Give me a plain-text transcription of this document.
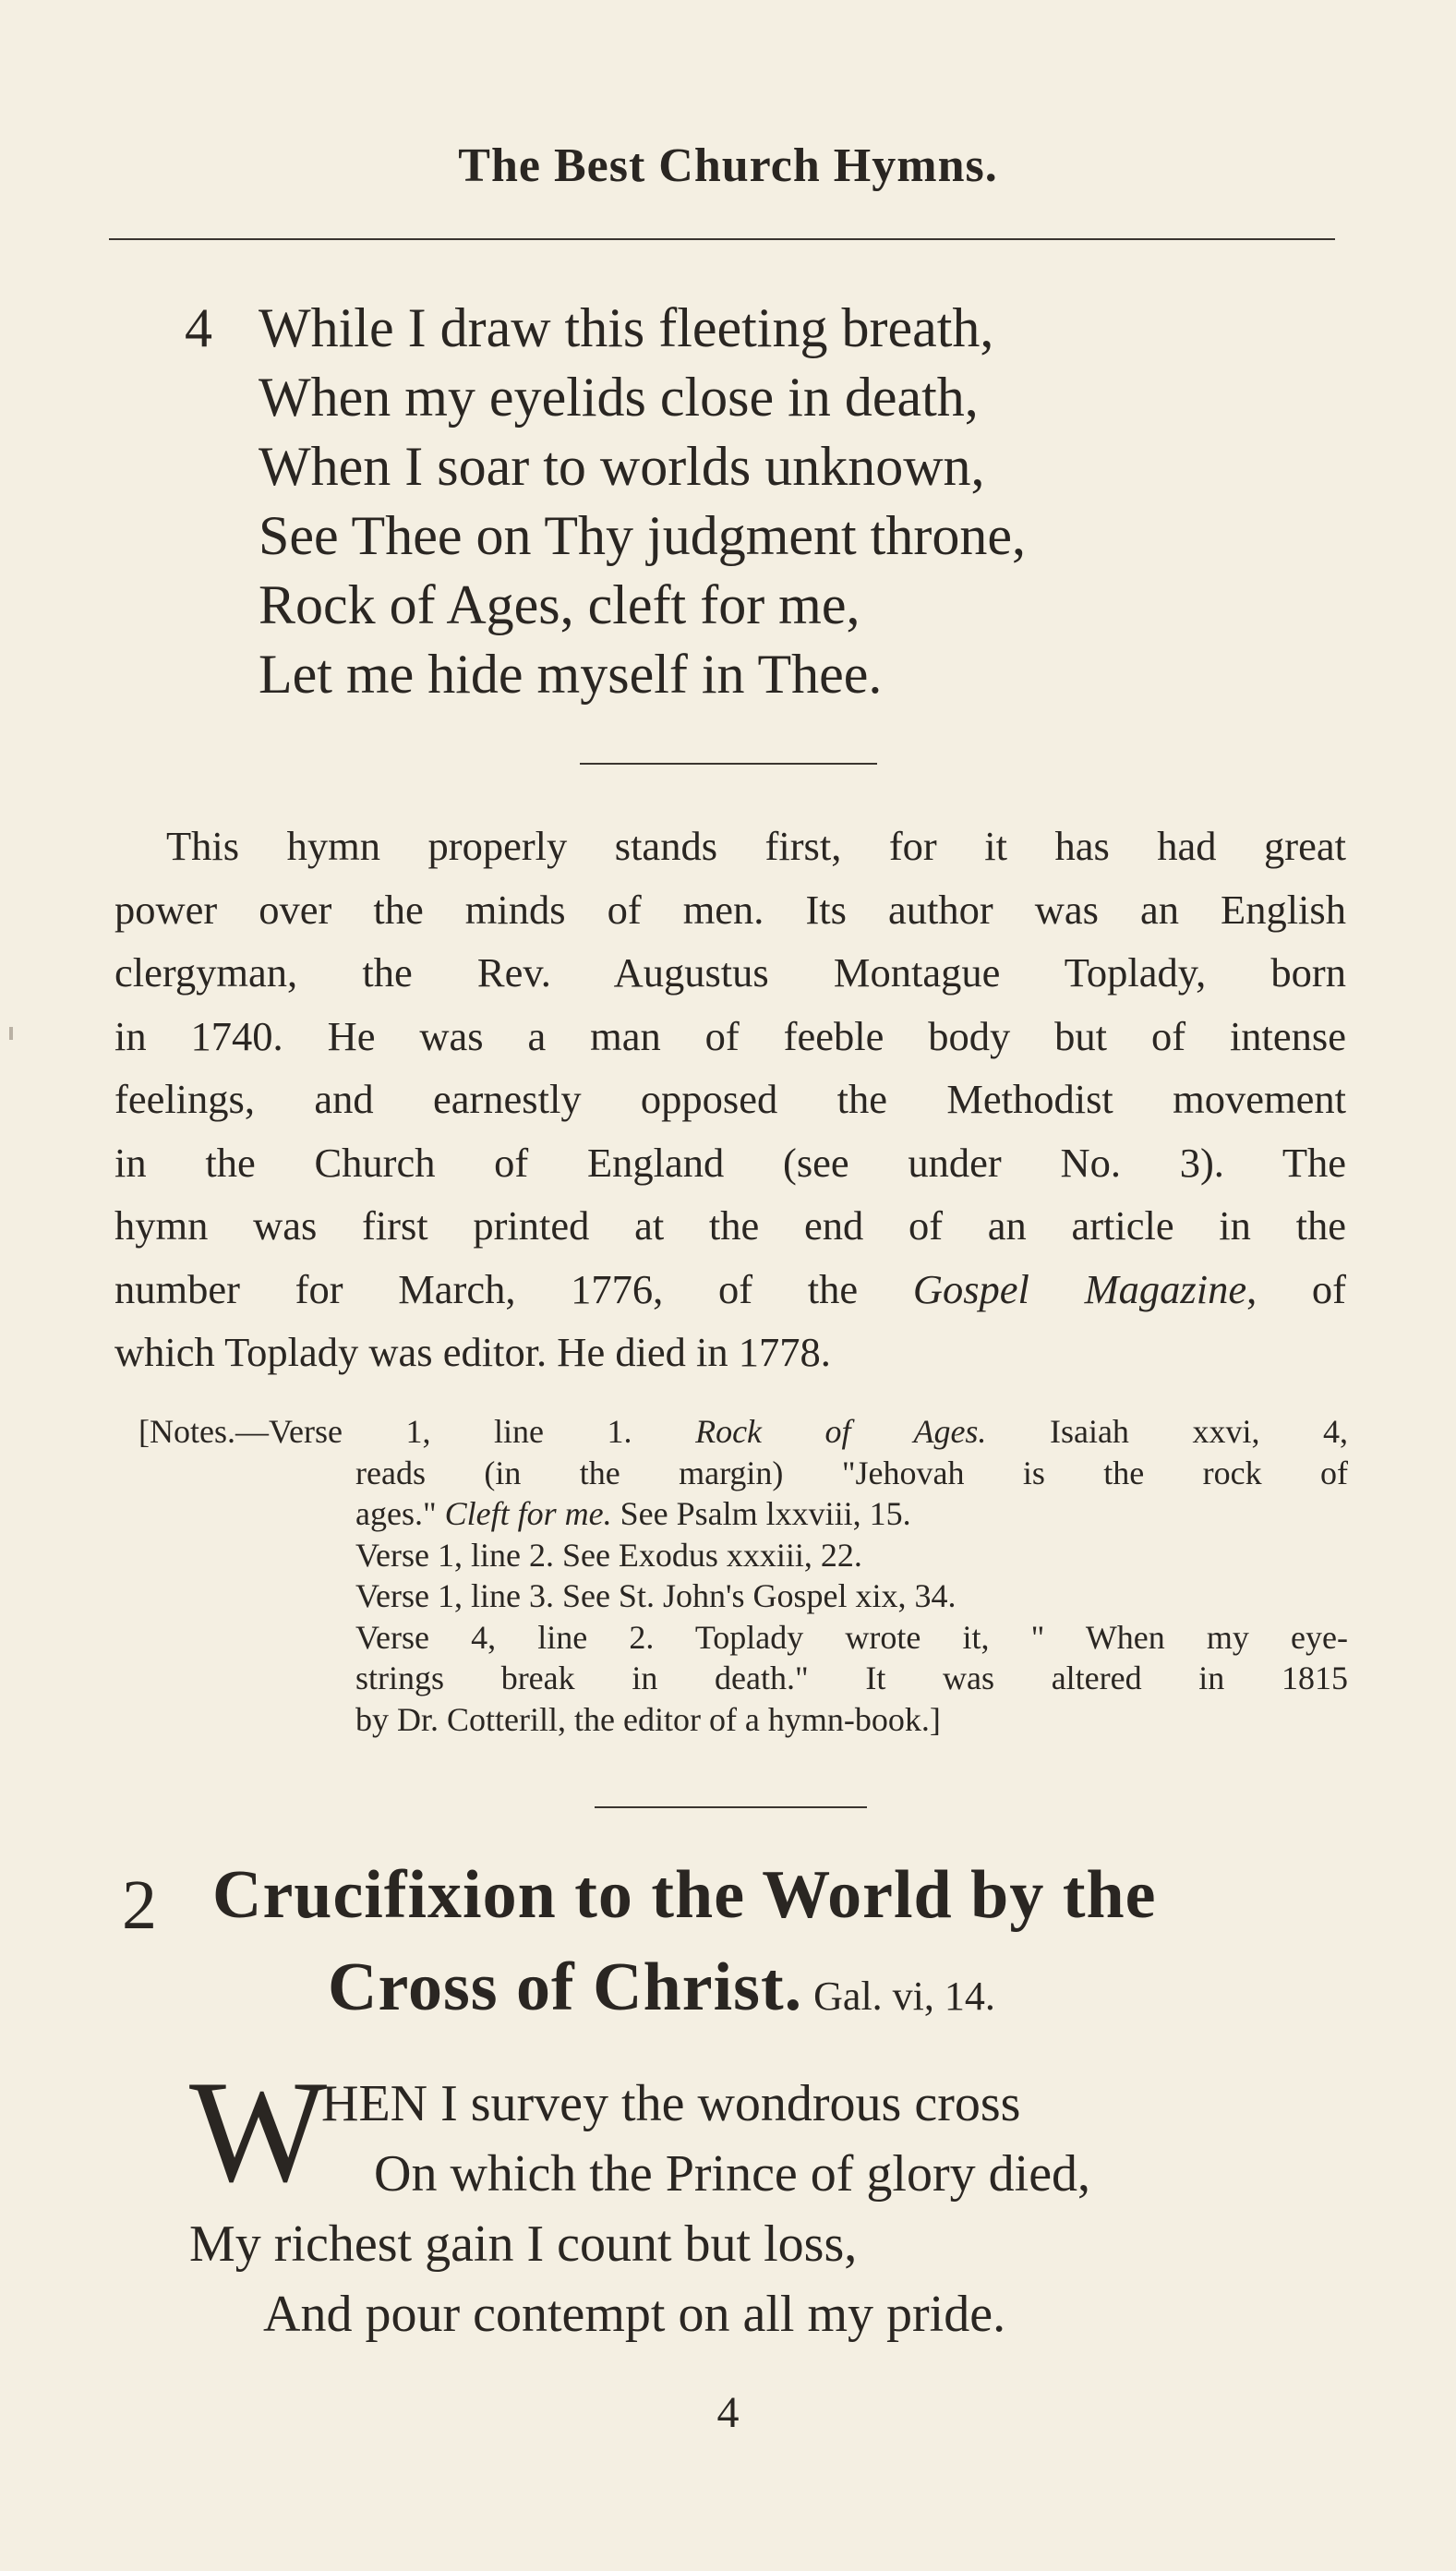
The Best Church Hymns.
4 While I draw this fleeting breath,
When my eyelids close in death,
When I soar to worlds unknown,
See Thee on Thy judgment throne,
Rock of Ages, cleft for me,
Let me hide myself in Thee.

This hymn properly stands first, for it has had great

power over the minds of men. Its author was an English

clergyman, the Rev. Augustus Montague Toplady, born

in 1740. He was a man of feeble body but of intense

feelings, and earnestly opposed the Methodist movement

in the Church of England (see under No. 3). The

hymn was first printed at the end of an article in the

number for March, 1776, of the Gospel Magazine, of

which Toplady was editor. He died in 1778.

[Notes.—Verse 1, line 1. Rock of Ages. Isaiah xxvi, 4,
reads (in the margin) "Jehovah is the rock of
ages." Cleft for me. See Psalm lxxviii, 15.
Verse 1, line 2. See Exodus xxxiii, 22.
Verse 1, line 3. See St. John's Gospel xix, 34.
Verse 4, line 2. Toplady wrote it, " When my eye-
strings break in death." It was altered in 1815
by Dr. Cotterill, the editor of a hymn-book.]
2 Crucifixion to the World by the
Cross of Christ. Gal. vi, 14.
W
HEN I survey the wondrous cross
On which the Prince of glory died,
My richest gain I count but loss,
And pour contempt on all my pride.
4
